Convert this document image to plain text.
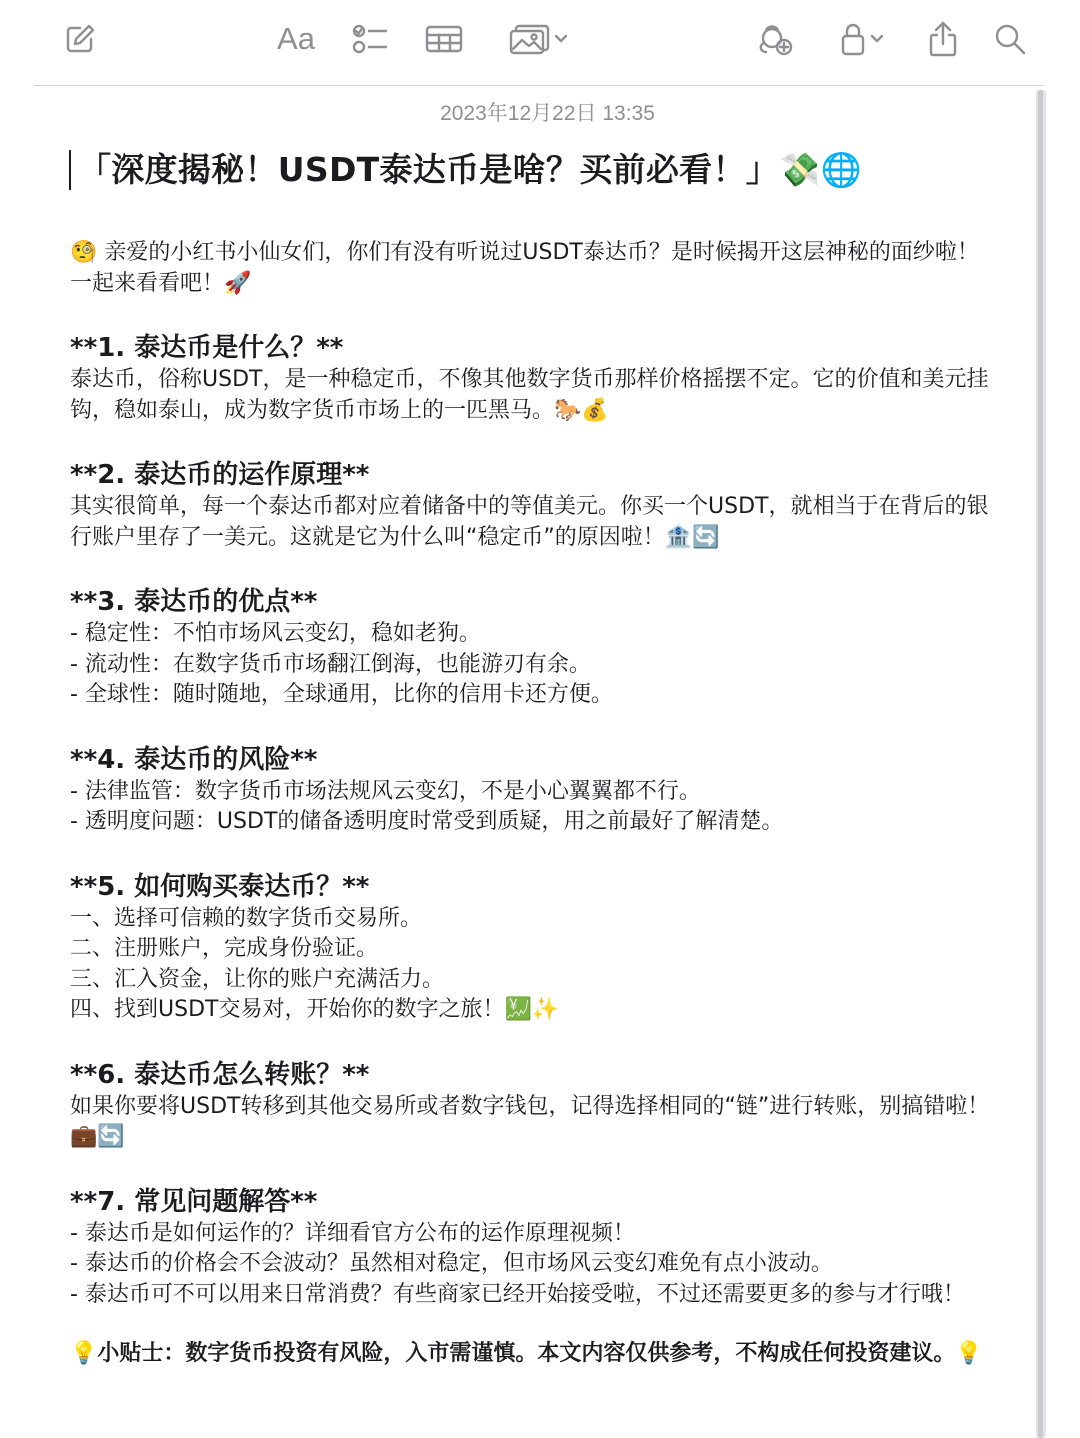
Aa
2023年12月22日 13:35
「深度揭秘！USDT泰达币是啥？买前必看！」💸🌐
🧐 亲爱的小红书小仙女们，你们有没有听说过USDT泰达币？是时候揭开这层神秘的面纱啦！一起来看看吧！🚀
**1. 泰达币是什么？**
泰达币，俗称USDT，是一种稳定币，不像其他数字货币那样价格摇摆不定。它的价值和美元挂钩，稳如泰山，成为数字货币市场上的一匹黑马。🐎💰
**2. 泰达币的运作原理**
其实很简单，每一个泰达币都对应着储备中的等值美元。你买一个USDT，就相当于在背后的银行账户里存了一美元。这就是它为什么叫“稳定币”的原因啦！🏦🔄
**3. 泰达币的优点**
- 稳定性：不怕市场风云变幻，稳如老狗。
- 流动性：在数字货币市场翻江倒海，也能游刃有余。
- 全球性：随时随地，全球通用，比你的信用卡还方便。
**4. 泰达币的风险**
- 法律监管：数字货币市场法规风云变幻，不是小心翼翼都不行。
- 透明度问题：USDT的储备透明度时常受到质疑，用之前最好了解清楚。
**5. 如何购买泰达币？**
一、选择可信赖的数字货币交易所。
二、注册账户，完成身份验证。
三、汇入资金，让你的账户充满活力。
四、找到USDT交易对，开始你的数字之旅！💹✨
**6. 泰达币怎么转账？**
如果你要将USDT转移到其他交易所或者数字钱包，记得选择相同的“链”进行转账，别搞错啦！💼🔄
**7. 常见问题解答**
- 泰达币是如何运作的？详细看官方公布的运作原理视频！
- 泰达币的价格会不会波动？虽然相对稳定，但市场风云变幻难免有点小波动。
- 泰达币可不可以用来日常消费？有些商家已经开始接受啦，不过还需要更多的参与才行哦！
💡小贴士：数字货币投资有风险，入市需谨慎。本文内容仅供参考，不构成任何投资建议。💡
